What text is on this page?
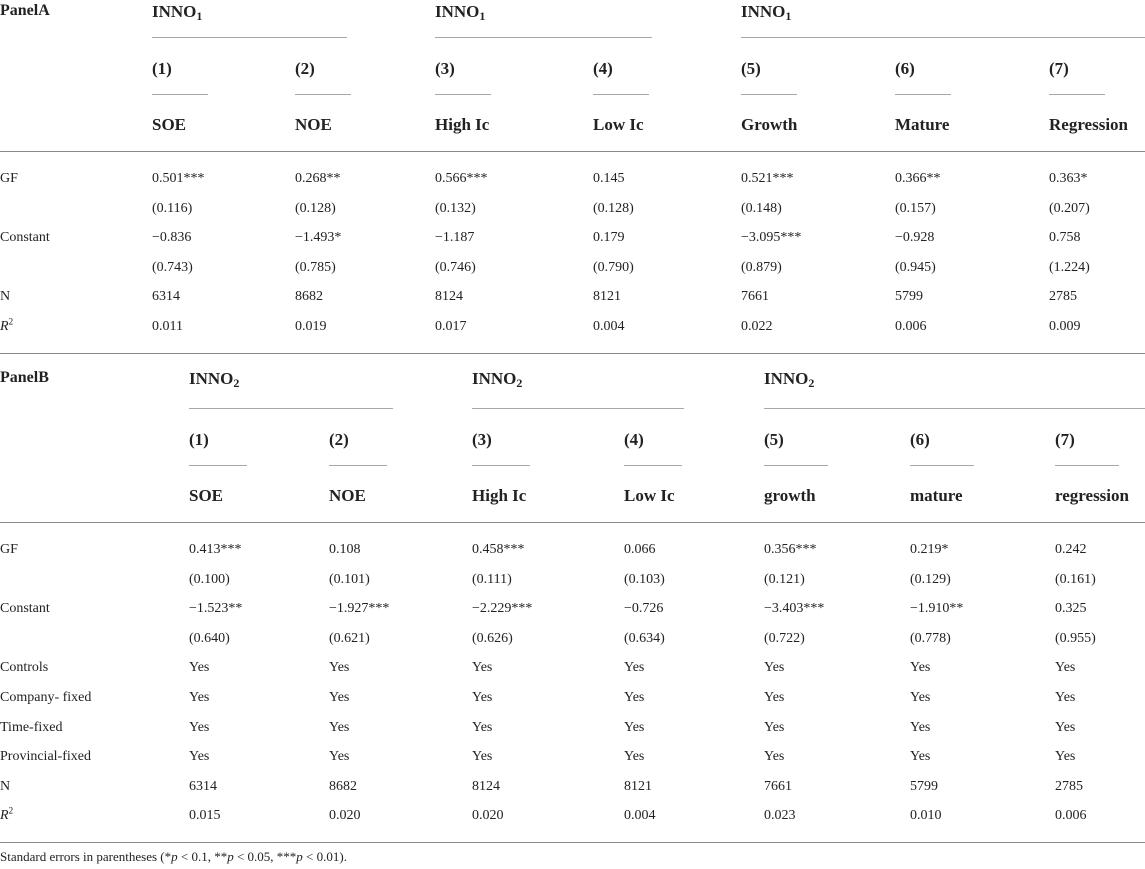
PanelA	$INNO_1$	$INNO_1$	$INNO_1$
(1)	(2)	(3)	(4)	(5)	(6)	(7)
SOE	NOE	High Ic	Low Ic	Growth	Mature	Regression
GF	0.501***	0.268**	0.566***	0.145	0.521***	0.366**	0.363*
(0.116)	(0.128)	(0.132)	(0.128)	(0.148)	(0.157)	(0.207)
Constant	−0.836	−1.493*	−1.187	0.179	−3.095***	−0.928	0.758
(0.743)	(0.785)	(0.746)	(0.790)	(0.879)	(0.945)	(1.224)
N	6314	8682	8124	8121	7661	5799	2785
$R^2$	0.011	0.019	0.017	0.004	0.022	0.006	0.009
PanelB	$INNO_2$	$INNO_2$	$INNO_2$
(1)	(2)	(3)	(4)	(5)	(6)	(7)
SOE	NOE	High Ic	Low Ic	growth	mature	regression
GF	0.413***	0.108	0.458***	0.066	0.356***	0.219*	0.242
(0.100)	(0.101)	(0.111)	(0.103)	(0.121)	(0.129)	(0.161)
Constant	−1.523**	−1.927***	−2.229***	−0.726	−3.403***	−1.910**	0.325
(0.640)	(0.621)	(0.626)	(0.634)	(0.722)	(0.778)	(0.955)
Controls	Yes	Yes	Yes	Yes	Yes	Yes	Yes
Company- fixed	Yes	Yes	Yes	Yes	Yes	Yes	Yes
Time-fixed	Yes	Yes	Yes	Yes	Yes	Yes	Yes
Provincial-fixed	Yes	Yes	Yes	Yes	Yes	Yes	Yes
N	6314	8682	8124	8121	7661	5799	2785
$R^2$	0.015	0.020	0.020	0.004	0.023	0.010	0.006
Standard errors in parentheses (*p < 0.1, **p < 0.05, ***p < 0.01).
